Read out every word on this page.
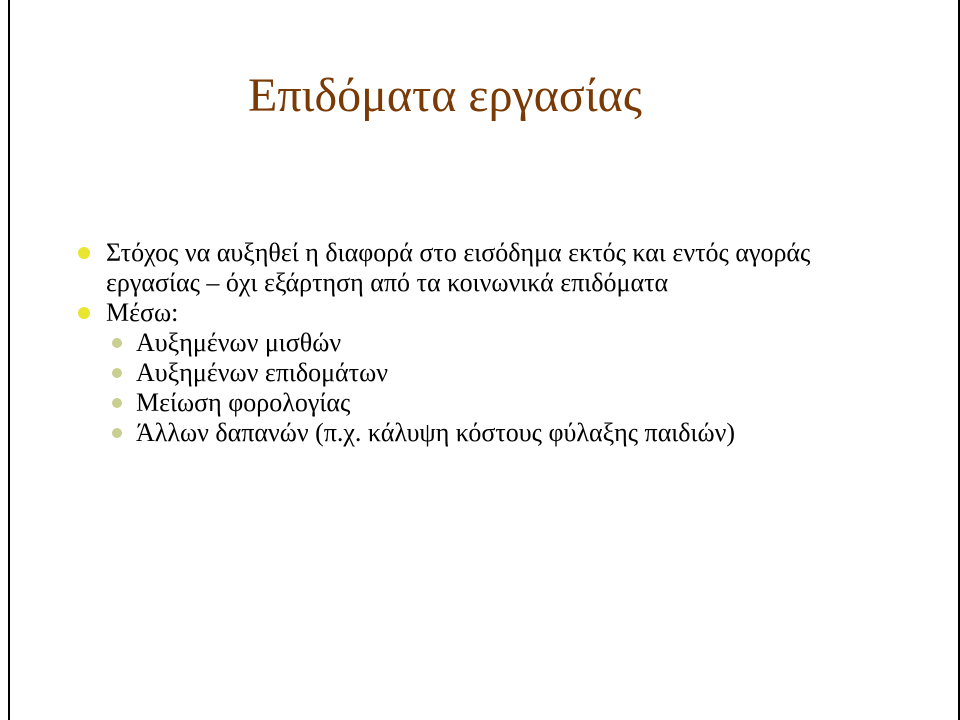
Επιδόματα εργασίας
Στόχος να αυξηθεί η διαφορά στο εισόδημα εκτός και εντός αγοράς εργασίας – όχι εξάρτηση από τα κοινωνικά επιδόματα
Μέσω:
Αυξημένων μισθών
Αυξημένων επιδομάτων
Μείωση φορολογίας
Άλλων δαπανών (π.χ. κάλυψη κόστους φύλαξης παιδιών)
